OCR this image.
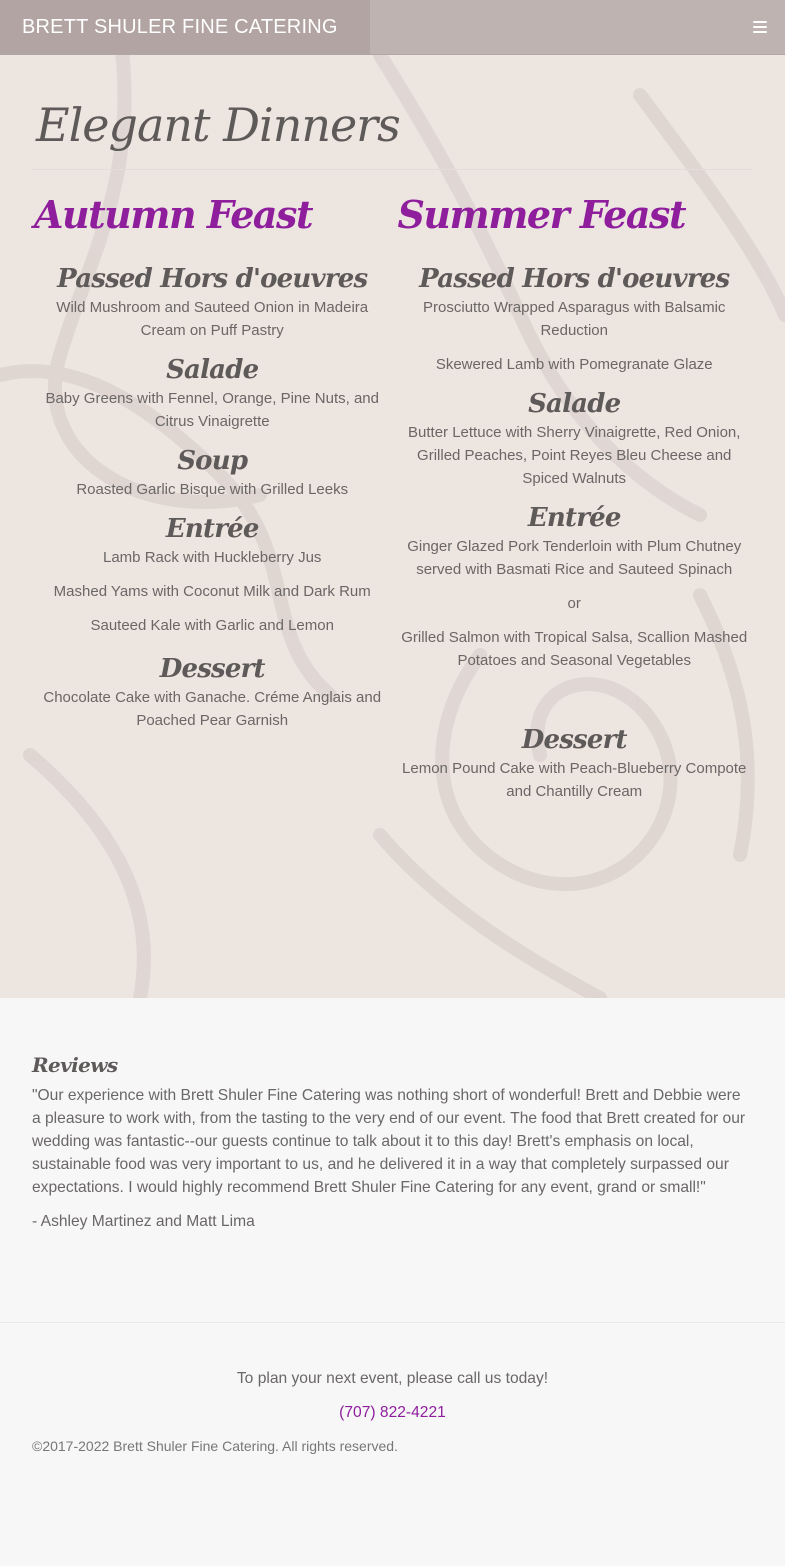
BRETT SHULER FINE CATERING
Elegant Dinners
Autumn Feast
Passed Hors d'oeuvres

Wild Mushroom and Sauteed Onion in Madeira Cream on Puff Pastry

Salade

Baby Greens with Fennel, Orange, Pine Nuts, and Citrus Vinaigrette

Soup

Roasted Garlic Bisque with Grilled Leeks

Entrée

Lamb Rack with Huckleberry Jus

Mashed Yams with Coconut Milk and Dark Rum

Sauteed Kale with Garlic and Lemon

Dessert

Chocolate Cake with Ganache. Créme Anglais and Poached Pear Garnish

Summer Feast
Passed Hors d'oeuvres

Prosciutto Wrapped Asparagus with Balsamic Reduction

Skewered Lamb with Pomegranate Glaze

Salade

Butter Lettuce with Sherry Vinaigrette, Red Onion, Grilled Peaches, Point Reyes Bleu Cheese and Spiced Walnuts

Entrée

Ginger Glazed Pork Tenderloin with Plum Chutney served with Basmati Rice and Sauteed Spinach

or

Grilled Salmon with Tropical Salsa, Scallion Mashed Potatoes and Seasonal Vegetables

Dessert

Lemon Pound Cake with Peach-Blueberry Compote and Chantilly Cream

Reviews

"Our experience with Brett Shuler Fine Catering was nothing short of wonderful! Brett and Debbie were a pleasure to work with, from the tasting to the very end of our event. The food that Brett created for our wedding was fantastic--our guests continue to talk about it to this day! Brett's emphasis on local, sustainable food was very important to us, and he delivered it in a way that completely surpassed our expectations. I would highly recommend Brett Shuler Fine Catering for any event, grand or small!"

- Ashley Martinez and Matt Lima

To plan your next event, please call us today!

(707) 822-4221

©2017-2022 Brett Shuler Fine Catering. All rights reserved.
